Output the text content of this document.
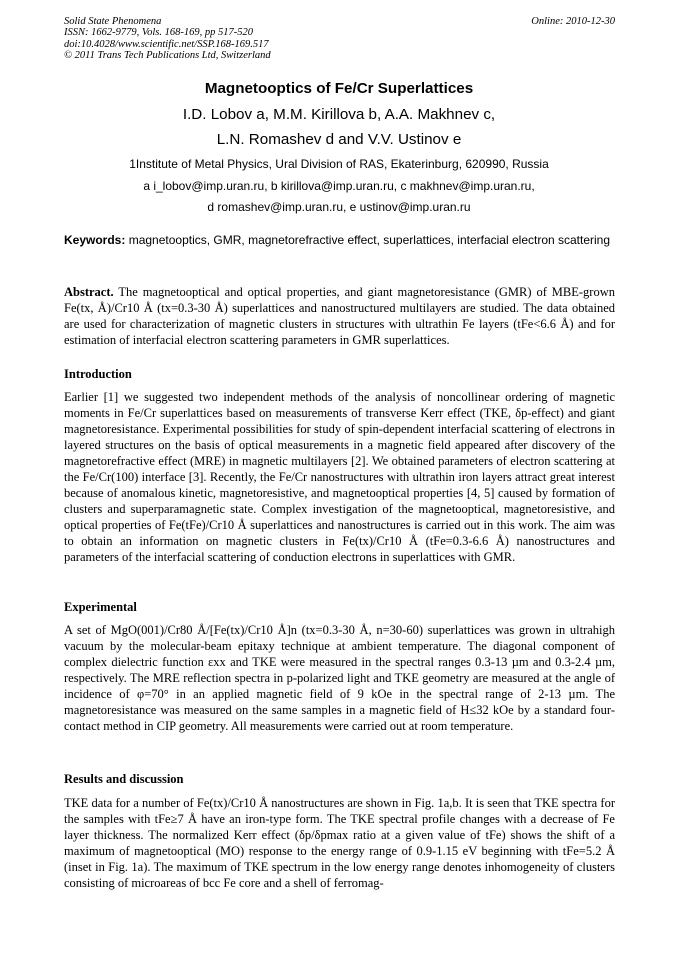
Solid State Phenomena
ISSN: 1662-9779, Vols. 168-169, pp 517-520
doi:10.4028/www.scientific.net/SSP.168-169.517
© 2011 Trans Tech Publications Ltd, Switzerland
Online: 2010-12-30
Magnetooptics of Fe/Cr Superlattices
I.D. Lobov a, M.M. Kirillova b, A.A. Makhnev c,
L.N. Romashev d and V.V. Ustinov e
1Institute of Metal Physics, Ural Division of RAS, Ekaterinburg, 620990, Russia
a i_lobov@imp.uran.ru, b kirillova@imp.uran.ru, c makhnev@imp.uran.ru,
d romashev@imp.uran.ru, e ustinov@imp.uran.ru
Keywords: magnetooptics, GMR, magnetorefractive effect, superlattices, interfacial electron scattering
Abstract. The magnetooptical and optical properties, and giant magnetoresistance (GMR) of MBE-grown Fe(tx, Å)/Cr10 Å (tx=0.3-30 Å) superlattices and nanostructured multilayers are studied. The data obtained are used for characterization of magnetic clusters in structures with ultrathin Fe layers (tFe<6.6 Å) and for estimation of interfacial electron scattering parameters in GMR superlattices.
Introduction
Earlier [1] we suggested two independent methods of the analysis of noncollinear ordering of magnetic moments in Fe/Cr superlattices based on measurements of transverse Kerr effect (TKE, δp-effect) and giant magnetoresistance. Experimental possibilities for study of spin-dependent interfacial scattering of electrons in layered structures on the basis of optical measurements in a magnetic field appeared after discovery of the magnetorefractive effect (MRE) in magnetic multilayers [2]. We obtained parameters of electron scattering at the Fe/Cr(100) interface [3]. Recently, the Fe/Cr nanostructures with ultrathin iron layers attract great interest because of anomalous kinetic, magnetoresistive, and magnetooptical properties [4, 5] caused by formation of clusters and superparamagnetic state. Complex investigation of the magnetooptical, magnetoresistive, and optical properties of Fe(tFe)/Cr10 Å superlattices and nanostructures is carried out in this work. The aim was to obtain an information on magnetic clusters in Fe(tx)/Cr10 Å (tFe=0.3-6.6 Å) nanostructures and parameters of the interfacial scattering of conduction electrons in superlattices with GMR.
Experimental
A set of MgO(001)/Cr80 Å/[Fe(tx)/Cr10 Å]n (tx=0.3-30 Å, n=30-60) superlattices was grown in ultrahigh vacuum by the molecular-beam epitaxy technique at ambient temperature. The diagonal component of complex dielectric function εxx and TKE were measured in the spectral ranges 0.3-13 µm and 0.3-2.4 µm, respectively. The MRE reflection spectra in p-polarized light and TKE geometry are measured at the angle of incidence of φ=70° in an applied magnetic field of 9 kOe in the spectral range of 2-13 µm. The magnetoresistance was measured on the same samples in a magnetic field of H≤32 kOe by a standard four-contact method in CIP geometry. All measurements were carried out at room temperature.
Results and discussion
TKE data for a number of Fe(tx)/Cr10 Å nanostructures are shown in Fig. 1a,b. It is seen that TKE spectra for the samples with tFe≥7 Å have an iron-type form. The TKE spectral profile changes with a decrease of Fe layer thickness. The normalized Kerr effect (δp/δpmax ratio at a given value of tFe) shows the shift of a maximum of magnetooptical (MO) response to the energy range of 0.9-1.15 eV beginning with tFe=5.2 Å (inset in Fig. 1a). The maximum of TKE spectrum in the low energy range denotes inhomogeneity of clusters consisting of microareas of bcc Fe core and a shell of ferromag-
